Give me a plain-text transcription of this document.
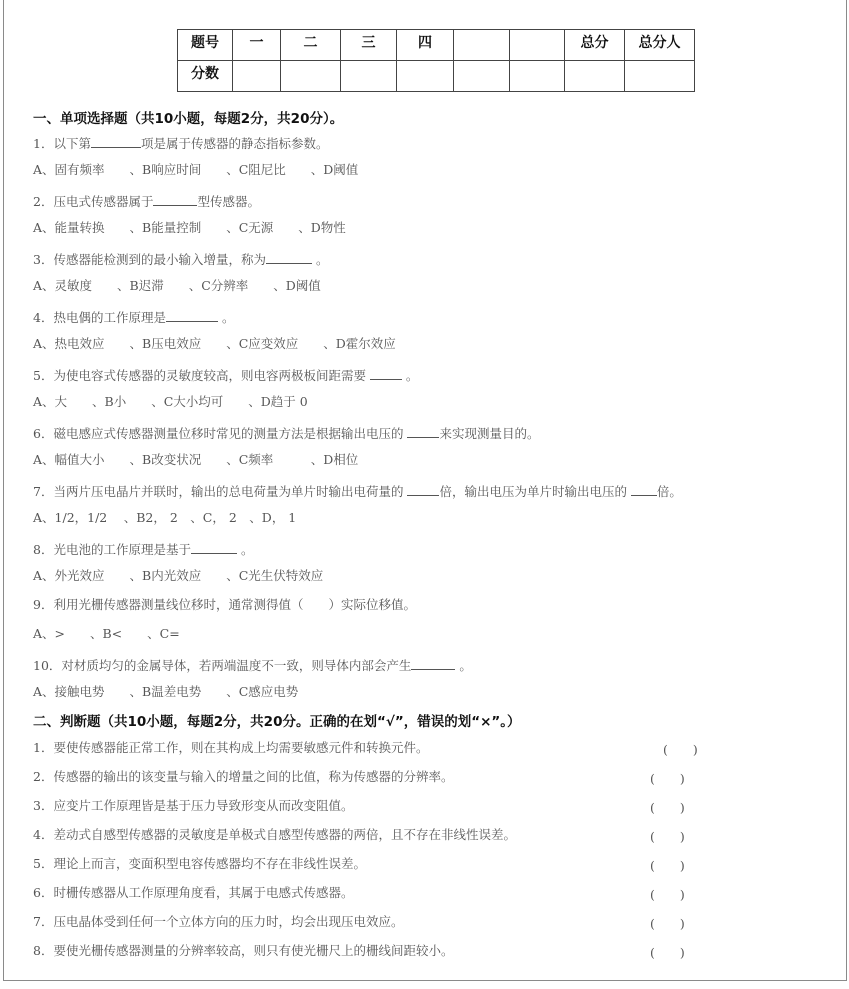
题号	一	二	三	四			总分	总分人
分数								
一、单项选择题（共10小题，每题2分，共20分）。
1．以下第	项是属于传感器的静态指标参数。
A、固有频率　　、B响应时间　　、C阻尼比　　、D阈值
2．压电式传感器属于	型传感器。
A、能量转换　　、B能量控制　　、C无源　　、D物性
3．传感器能检测到的最小输入增量，称为	。
A、灵敏度　　、B迟滞　　、C分辨率　　、D阈值
4．热电偶的工作原理是	。
A、热电效应　　、B压电效应　　、C应变效应　　、D霍尔效应
5．为使电容式传感器的灵敏度较高，则电容两极板间距需要	。
A、大　　、B小　　、C大小均可　　、D趋于 0
6．磁电感应式传感器测量位移时常见的测量方法是根据输出电压的	来实现测量目的。
A、幅值大小　　、B改变状况　　、C频率　　　、D相位
7．当两片压电晶片并联时，输出的总电荷量为单片时输出电荷量的	倍，输出电压为单片时输出电压的 倍。
A、1/2，1/2　 、B2， 2　、C， 2　、D， 1
8．光电池的工作原理是基于	。
A、外光效应　　、B内光效应　　、C光生伏特效应
9．利用光栅传感器测量线位移时，通常测得值（　　）实际位移值。
A、>　　、B<　　、C=
10．对材质均匀的金属导体，若两端温度不一致，则导体内部会产生	。
A、接触电势　　、B温差电势　　、C感应电势
二、判断题（共10小题，每题2分，共20分。正确的在划“√”，错误的划“×”。）
1．要使传感器能正常工作，则在其构成上均需要敏感元件和转换元件。	(　　)
2．传感器的输出的该变量与输入的增量之间的比值，称为传感器的分辨率。	(　　)
3．应变片工作原理皆是基于压力导致形变从而改变阻值。	(　　)
4．差动式自感型传感器的灵敏度是单极式自感型传感器的两倍，且不存在非线性误差。	(　　)
5．理论上而言，变面积型电容传感器均不存在非线性误差。	(　　)
6．时栅传感器从工作原理角度看，其属于电感式传感器。	(　　)
7．压电晶体受到任何一个立体方向的压力时，均会出现压电效应。	(　　)
8．要使光栅传感器测量的分辨率较高，则只有使光栅尺上的栅线间距较小。	(　　)
